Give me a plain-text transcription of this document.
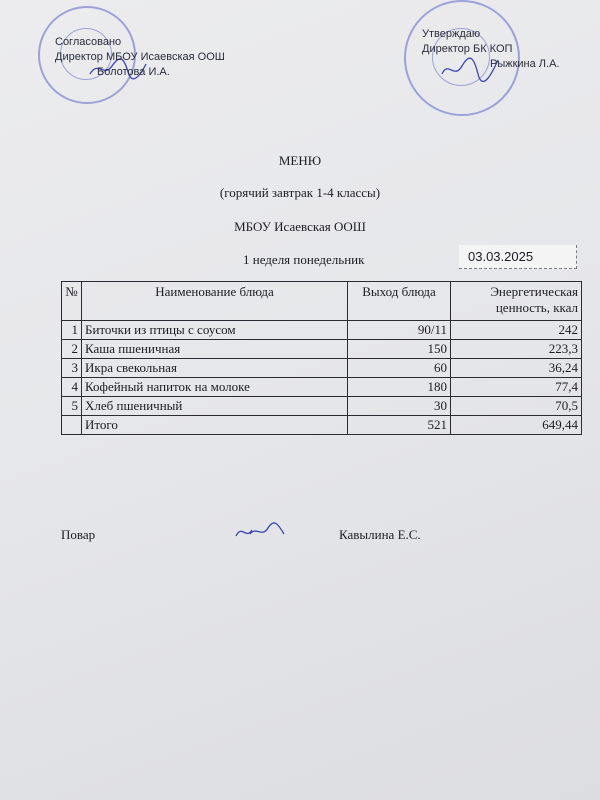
Согласовано
Директор МБОУ Исаевская ООШ
Болотова И.А.
Утверждаю
Директор БК КОП
Рыжкина Л.А.
МЕНЮ
(горячий завтрак 1-4 классы)
МБОУ Исаевская ООШ
1 неделя понедельник	03.03.2025
№	Наименование блюда	Выход блюда	Энергетическая ценность, ккал
1	Биточки из птицы с соусом	90/11	242
2	Каша пшеничная	150	223,3
3	Икра свекольная	60	36,24
4	Кофейный напиток на молоке	180	77,4
5	Хлеб пшеничный	30	70,5
	Итого	521	649,44
Повар	Кавылина Е.С.
